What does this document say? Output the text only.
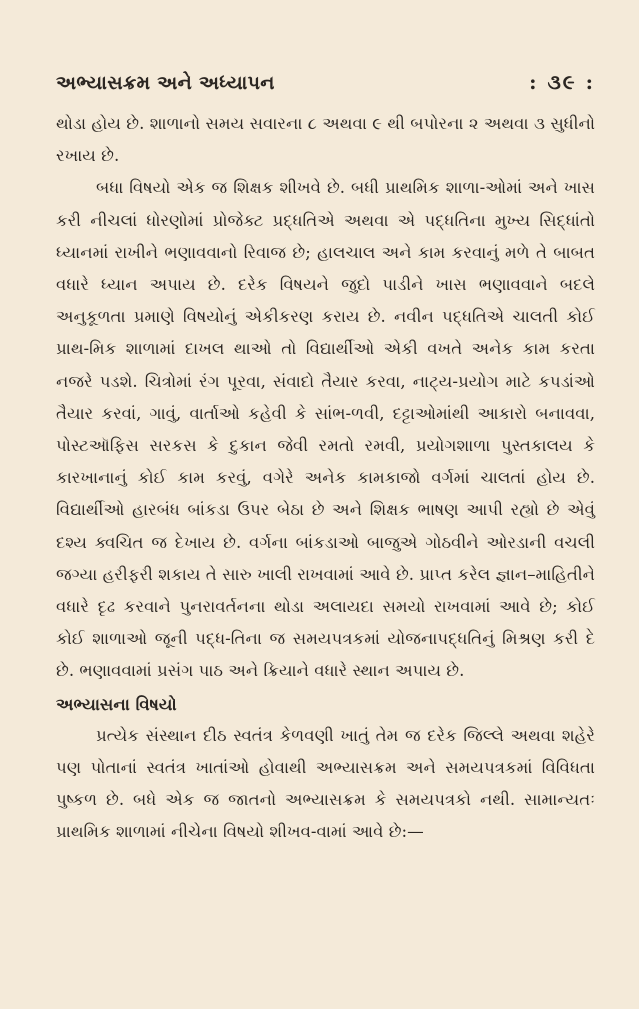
અભ્યાસક્રમ અને અધ્યાપન	: ૩૯ :

થોડા હોય છે. શાળાનો સમય સવારના ૮ અથવા ૯ થી બપોરના ૨ અથવા ૩ સુધીનો રખાય છે.

બધા વિષયો એક જ શિક્ષક શીખવે છે. બધી પ્રાથમિક શાળા-ઓમાં અને ખાસ કરી નીચલાં ધોરણોમાં પ્રોજેક્ટ પ્રદ્ધતિએ અથવા એ પદ્ધતિના મુખ્ય સિદ્ધાંતો ધ્યાનમાં રાખીને ભણાવવાનો રિવાજ છે; હાલચાલ અને કામ કરવાનું મળે તે બાબત વધારે ધ્યાન અપાય છે. દરેક વિષયને જુદો પાડીને ખાસ ભણાવવાને બદલે અનુકૂળતા પ્રમાણે વિષયોનું એકીકરણ કરાય છે. નવીન પદ્ધતિએ ચાલતી કોઈ પ્રાથ-મિક શાળામાં દાખલ થાઓ તો વિદ્યાર્થીઓ એકી વખતે અનેક કામ કરતા નજરે પડશે. ચિત્રોમાં રંગ પૂરવા, સંવાદો તૈયાર કરવા, નાટ્ય-પ્રયોગ માટે કપડાંઓ તૈયાર કરવાં, ગાવું, વાર્તાઓ કહેવી કે સાંભ-ળવી, દટ્ટાઓમાંથી આકારો બનાવવા, પોસ્ટઑફિસ સરકસ કે દુકાન જેવી રમતો રમવી, પ્રયોગશાળા પુસ્તકાલય કે કારખાનાનું કોઈ કામ કરવું, વગેરે અનેક કામકાજો વર્ગમાં ચાલતાં હોય છે. વિદ્યાર્થીઓ હારબંધ બાંકડા ઉપર બેઠા છે અને શિક્ષક ભાષણ આપી રહ્યો છે એવું દશ્ય ક્વચિત જ દેખાય છે. વર્ગના બાંકડાઓ બાજુએ ગોઠવીને ઓરડાની વચલી જગ્યા હરીફરી શકાય તે સારુ ખાલી રાખવામાં આવે છે. પ્રાપ્ત કરેલ જ્ઞાન–માહિતીને વધારે દૃઢ કરવાને પુનરાવર્તનના થોડા અલાયદા સમયો રાખવામાં આવે છે; કોઈ કોઈ શાળાઓ જૂની પદ્ધ-તિના જ સમયપત્રકમાં યોજનાપદ્ધતિનું મિશ્રણ કરી દે છે. ભણાવવામાં પ્રસંગ પાઠ અને ક્રિયાને વધારે સ્થાન અપાય છે.

અભ્યાસના વિષયો

પ્રત્યેક સંસ્થાન દીઠ સ્વતંત્ર કેળવણી ખાતું તેમ જ દરેક જિલ્લે અથવા શહેરે પણ પોતાનાં સ્વતંત્ર ખાતાંઓ હોવાથી અભ્યાસક્રમ અને સમયપત્રકમાં વિવિધતા પુષ્કળ છે. બધે એક જ જાતનો અભ્યાસક્રમ કે સમયપત્રકો નથી. સામાન્યતઃ પ્રાથમિક શાળામાં નીચેના વિષયો શીખવ-વામાં આવે છે:—
